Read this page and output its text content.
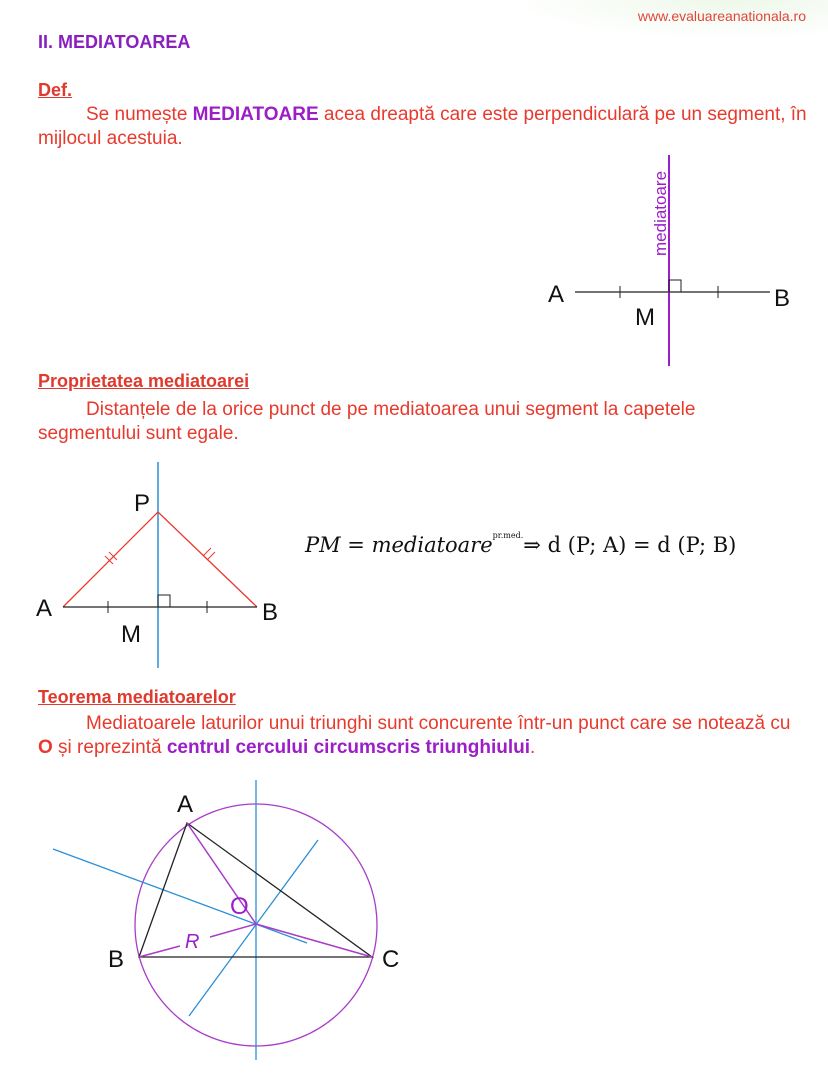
www.evaluareanationala.ro
II. MEDIATOAREA
Def.

Se numește MEDIATOARE acea dreaptă care este perpendiculară pe un segment, în mijlocul acestuia.

Proprietatea mediatoarei

Distanțele de la orice punct de pe mediatoarea unui segment la capetele segmentului sunt egale.

PM = mediatoare$^{pr.med.}$⇒ d (P; A) = d (P; B)
Teorema mediatoarelor

Mediatoarele laturilor unui triunghi sunt concurente într-un punct care se notează cu O și reprezintă centrul cercului circumscris triunghiului.

A	B
M
mediatoare
P
A	B
M
A
B	C
O
R
